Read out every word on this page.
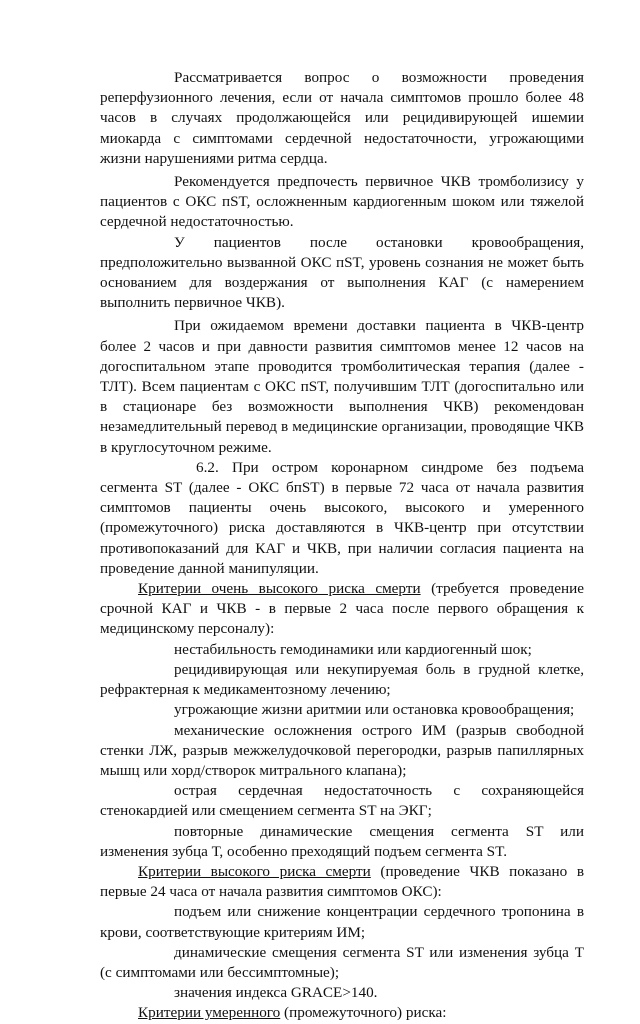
Рассматривается вопрос о возможности проведения реперфузионного лечения, если от начала симптомов прошло более 48 часов в случаях продолжающейся или рецидивирующей ишемии миокарда с симптомами сердечной недостаточности, угрожающими жизни нарушениями ритма сердца.

Рекомендуется предпочесть первичное ЧКВ тромболизису у пациентов с ОКС пST, осложненным кардиогенным шоком или тяжелой сердечной недостаточностью.

У пациентов после остановки кровообращения, предположительно вызванной ОКС пST, уровень сознания не может быть основанием для воздержания от выполнения КАГ (с намерением выполнить первичное ЧКВ).

При ожидаемом времени доставки пациента в ЧКВ-центр более 2 часов и при давности развития симптомов менее 12 часов на догоспитальном этапе проводится тромболитическая терапия (далее - ТЛТ). Всем пациентам с ОКС пST, получившим ТЛТ (догоспитально или в стационаре без возможности выполнения ЧКВ) рекомендован незамедлительный перевод в медицинские организации, проводящие ЧКВ в круглосуточном режиме.

6.2. При остром коронарном синдроме без подъема сегмента ST (далее - ОКС бпST) в первые 72 часа от начала развития симптомов пациенты очень высокого, высокого и умеренного (промежуточного) риска доставляются в ЧКВ-центр при отсутствии противопоказаний для КАГ и ЧКВ, при наличии согласия пациента на проведение данной манипуляции.

Критерии очень высокого риска смерти (требуется проведение срочной КАГ и ЧКВ - в первые 2 часа после первого обращения к медицинскому персоналу):

нестабильность гемодинамики или кардиогенный шок;

рецидивирующая или некупируемая боль в грудной клетке, рефрактерная к медикаментозному лечению;

угрожающие жизни аритмии или остановка кровообращения;

механические осложнения острого ИМ (разрыв свободной стенки ЛЖ, разрыв межжелудочковой перегородки, разрыв папиллярных мышц или хорд/створок митрального клапана);

острая сердечная недостаточность с сохраняющейся стенокардией или смещением сегмента ST на ЭКГ;

повторные динамические смещения сегмента ST или изменения зубца Т, особенно преходящий подъем сегмента ST.

Критерии высокого риска смерти (проведение ЧКВ показано в первые 24 часа от начала развития симптомов ОКС):

подъем или снижение концентрации сердечного тропонина в крови, соответствующие критериям ИМ;

динамические смещения сегмента ST или изменения зубца Т (с симптомами или бессимптомные);

значения индекса GRACE>140.

Критерии умеренного (промежуточного) риска:
